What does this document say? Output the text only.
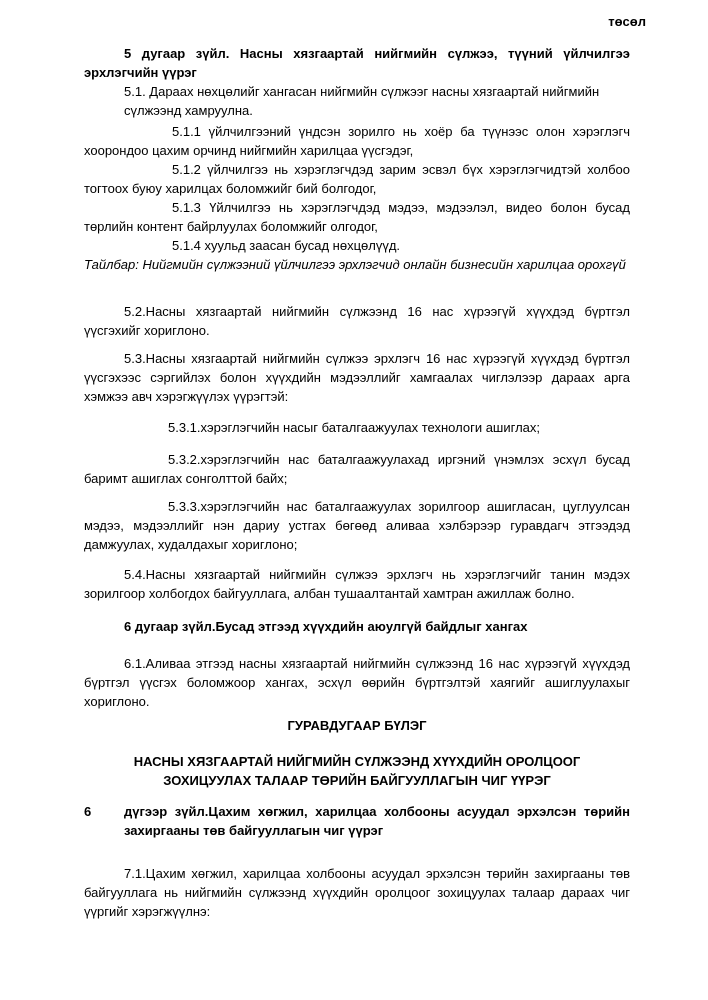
төсөл
5 дугаар зүйл. Насны хязгаартай нийгмийн сүлжээ, түүний үйлчилгээ эрхлэгчийн үүрэг
5.1. Дараах нөхцөлийг хангасан нийгмийн сүлжээг насны хязгаартай нийгмийн сүлжээнд хамруулна.
5.1.1 үйлчилгээний үндсэн зорилго нь хоёр ба түүнээс олон хэрэглэгч хоорондоо цахим орчинд нийгмийн харилцаа үүсгэдэг,
5.1.2 үйлчилгээ нь хэрэглэгчдэд зарим эсвэл бүх хэрэглэгчидтэй холбоо тогтоох буюу харилцах боломжийг бий болгодог,
5.1.3 Үйлчилгээ нь хэрэглэгчдэд мэдээ, мэдээлэл, видео болон бусад төрлийн контент байрлуулах боломжийг олгодог,
5.1.4 хуульд заасан бусад нөхцөлүүд.
Тайлбар: Нийгмийн сүлжээний үйлчилгээ эрхлэгчид онлайн бизнесийн харилцаа орохгүй
5.2.Насны хязгаартай нийгмийн сүлжээнд 16 нас хүрээгүй хүүхдэд бүртгэл үүсгэхийг хориглоно.
5.3.Насны хязгаартай нийгмийн сүлжээ эрхлэгч 16 нас хүрээгүй хүүхдэд бүртгэл үүсгэхээс сэргийлэх болон хүүхдийн мэдээллийг хамгаалах чиглэлээр дараах арга хэмжээ авч хэрэгжүүлэх үүрэгтэй:
5.3.1.хэрэглэгчийн насыг баталгаажуулах технологи ашиглах;
5.3.2.хэрэглэгчийн нас баталгаажуулахад иргэний үнэмлэх эсхүл бусад баримт ашиглах сонголттой байх;
5.3.3.хэрэглэгчийн нас баталгаажуулах зорилгоор ашигласан, цуглуулсан мэдээ, мэдээллийг нэн дариу устгах бөгөөд аливаа хэлбэрээр гуравдагч этгээдэд дамжуулах, худалдахыг хориглоно;
5.4.Насны хязгаартай нийгмийн сүлжээ эрхлэгч нь хэрэглэгчийг танин мэдэх зорилгоор холбогдох байгууллага, албан тушаалтантай хамтран ажиллаж болно.
6 дугаар зүйл.Бусад этгээд хүүхдийн аюулгүй байдлыг хангах
6.1.Аливаа этгээд насны хязгаартай нийгмийн сүлжээнд 16 нас хүрээгүй хүүхдэд бүртгэл үүсгэх боломжоор хангах, эсхүл өөрийн бүртгэлтэй хаягийг ашиглуулахыг хориглоно.
ГУРАВДУГААР БҮЛЭГ
НАСНЫ ХЯЗГААРТАЙ НИЙГМИЙН СҮЛЖЭЭНД ХҮҮХДИЙН ОРОЛЦООГ
ЗОХИЦУУЛАХ ТАЛААР ТӨРИЙН БАЙГУУЛЛАГЫН ЧИГ ҮҮРЭГ
6	дүгээр зүйл.Цахим хөгжил, харилцаа холбооны асуудал эрхэлсэн төрийн захиргааны төв байгууллагын чиг үүрэг
7.1.Цахим хөгжил, харилцаа холбооны асуудал эрхэлсэн төрийн захиргааны төв байгууллага нь нийгмийн сүлжээнд хүүхдийн оролцоог зохицуулах талаар дараах чиг үүргийг хэрэгжүүлнэ:
